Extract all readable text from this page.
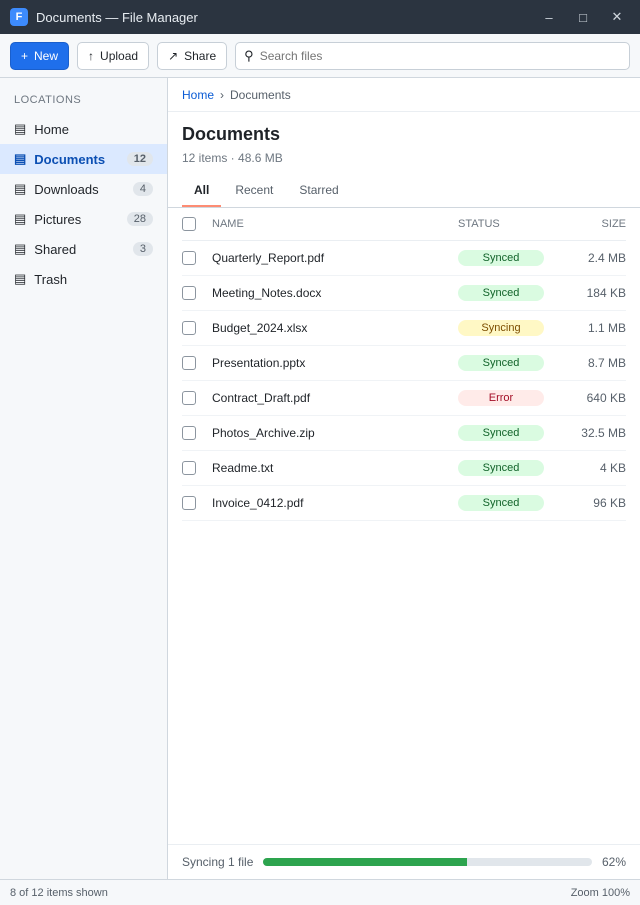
F	Documents — File Manager	–	□	✕
+ New	↑ Upload	↗ Share ⚲
Search files
LOCATIONS
▤ Home
▤ Documents	12
▤ Downloads	4
▤ Pictures	28
▤ Shared	3
▤ Trash
Home › Documents
Documents
12 items · 48.6 MB
All	Recent	Starred
NAME	STATUS	SIZE
Quarterly_Report.pdf	Synced	2.4 MB
Meeting_Notes.docx	Synced	184 KB
Budget_2024.xlsx	Syncing	1.1 MB
Presentation.pptx	Synced	8.7 MB
Contract_Draft.pdf	Error	640 KB
Photos_Archive.zip	Synced	32.5 MB
Readme.txt	Synced	4 KB
Invoice_0412.pdf	Synced	96 KB
Syncing 1 file	62%
8 of 12 items shown	Zoom 100%
